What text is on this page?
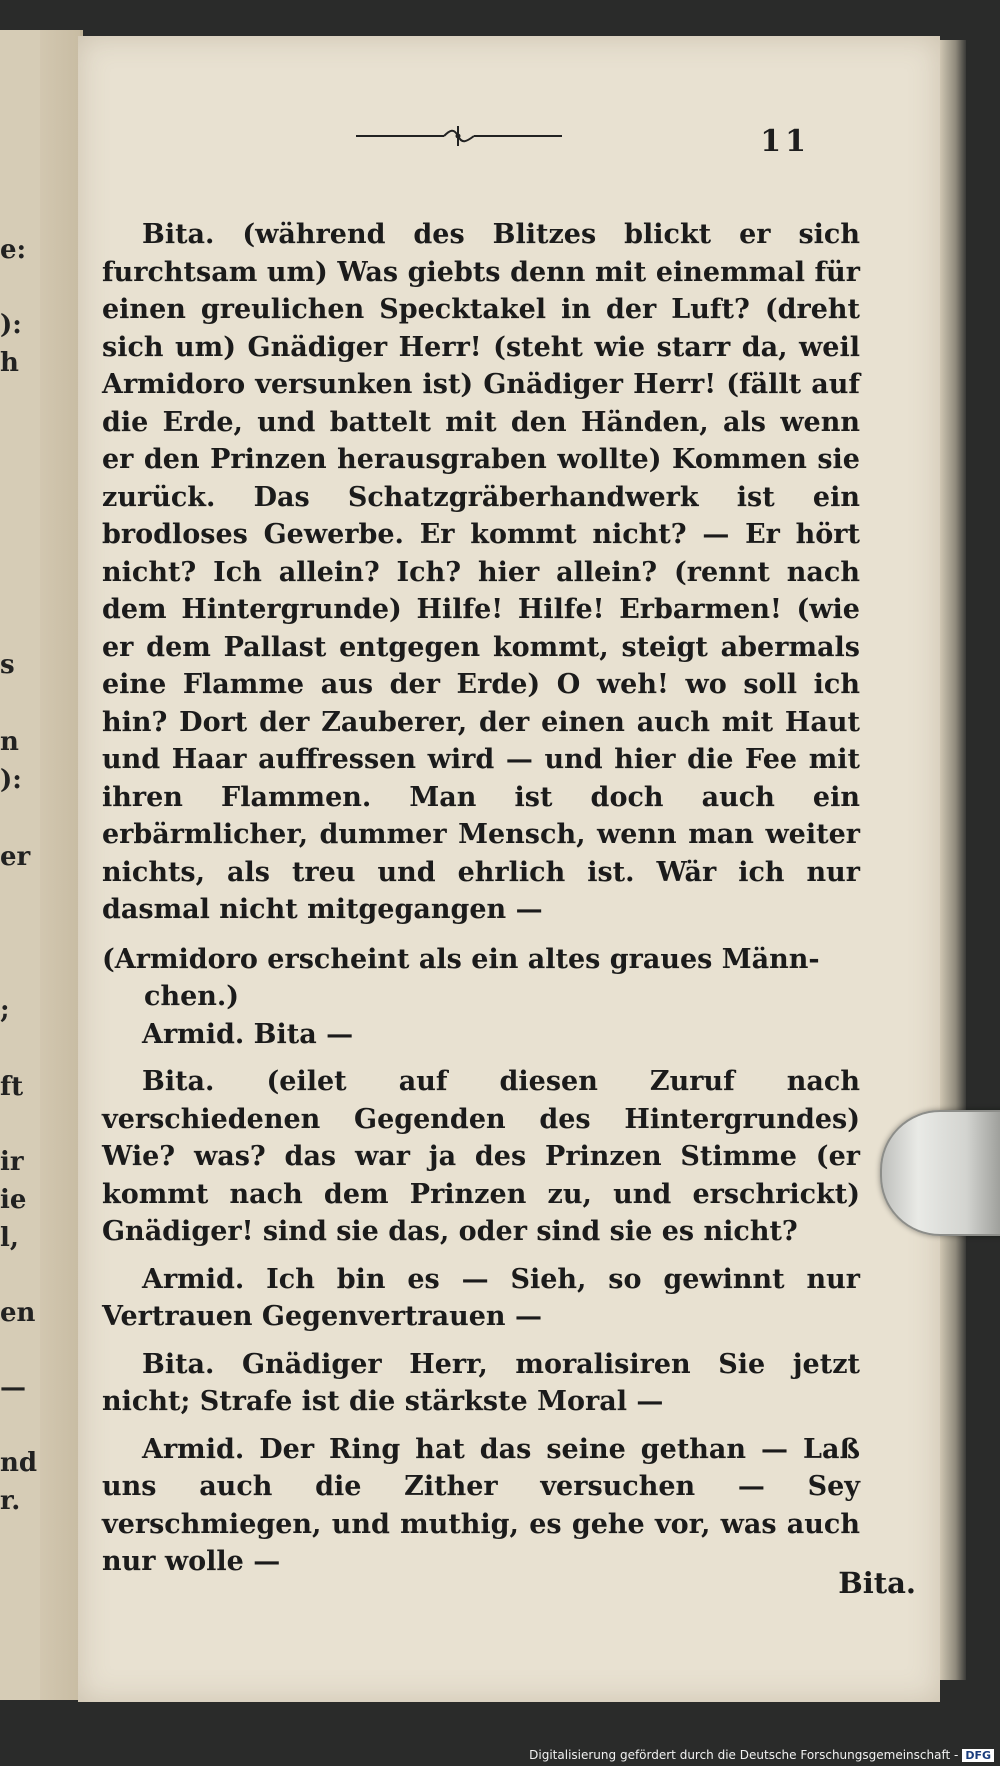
e:
):
h
s
n
):
er
;
ft
ir
ie
l,
en
—
nd
r.
11

Bita. (während des Blitzes blickt er sich furchtsam um) Was giebts denn mit einemmal für einen greulichen Specktakel in der Luft? (dreht sich um) Gnädiger Herr! (steht wie starr da, weil Armidoro versunken ist) Gnädiger Herr! (fällt auf die Erde, und battelt mit den Händen, als wenn er den Prinzen herausgraben wollte) Kommen sie zurück. Das Schatzgräberhandwerk ist ein brodloses Gewerbe. Er kommt nicht? — Er hört nicht? Ich allein? Ich? hier allein? (rennt nach dem Hintergrunde) Hilfe! Hilfe! Erbarmen! (wie er dem Pallast entgegen kommt, steigt abermals eine Flamme aus der Erde) O weh! wo soll ich hin? Dort der Zauberer, der einen auch mit Haut und Haar auffressen wird — und hier die Fee mit ihren Flammen. Man ist doch auch ein erbärmlicher, dummer Mensch, wenn man weiter nichts, als treu und ehrlich ist. Wär ich nur dasmal nicht mitgegangen —

(Armidoro erscheint als ein altes graues Männ-
chen.)

Armid. Bita —

Bita. (eilet auf diesen Zuruf nach verschiedenen Gegenden des Hintergrundes) Wie? was? das war ja des Prinzen Stimme (er kommt nach dem Prinzen zu, und erschrickt) Gnädiger! sind sie das, oder sind sie es nicht?

Armid. Ich bin es — Sieh, so gewinnt nur Vertrauen Gegenvertrauen —

Bita. Gnädiger Herr, moralisiren Sie jetzt nicht; Strafe ist die stärkste Moral —

Armid. Der Ring hat das seine gethan — Laß uns auch die Zither versuchen — Sey verschmiegen, und muthig, es gehe vor, was auch nur wolle —

Bita.
Digitalisierung gefördert durch die Deutsche Forschungsgemeinschaft - DFG
